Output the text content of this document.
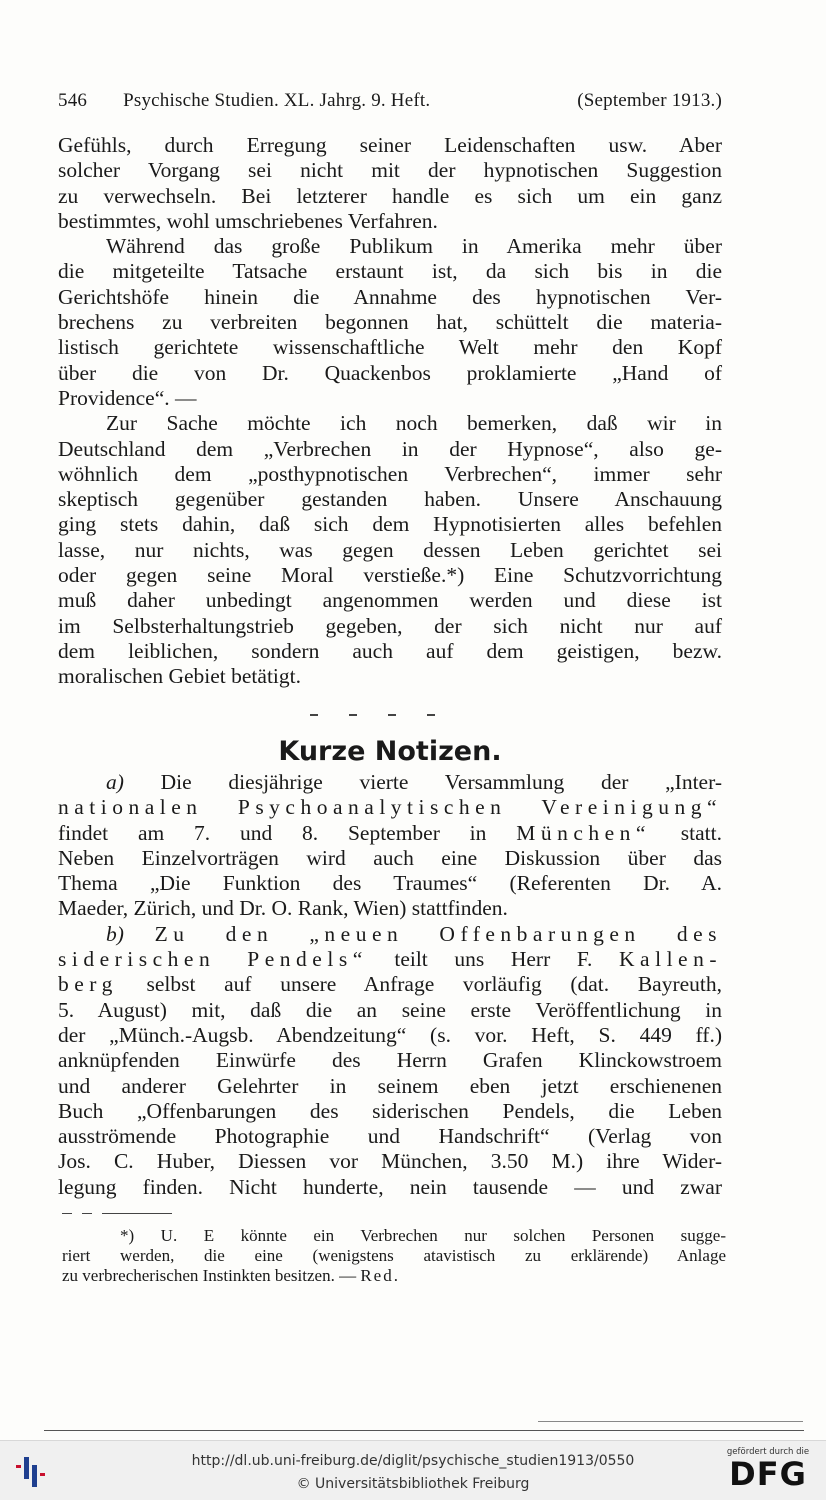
546	Psychische Studien. XL. Jahrg. 9. Heft.	(September 1913.)
Gefühls, durch Erregung seiner Leidenschaften usw. Aber
solcher Vorgang sei nicht mit der hypnotischen Suggestion
zu verwechseln. Bei letzterer handle es sich um ein ganz
bestimmtes, wohl umschriebenes Verfahren.
Während das große Publikum in Amerika mehr über
die mitgeteilte Tatsache erstaunt ist, da sich bis in die
Gerichtshöfe hinein die Annahme des hypnotischen Ver-
brechens zu verbreiten begonnen hat, schüttelt die materia-
listisch gerichtete wissenschaftliche Welt mehr den Kopf
über die von Dr. Quackenbos proklamierte „Hand of
Providence“. —
Zur Sache möchte ich noch bemerken, daß wir in
Deutschland dem „Verbrechen in der Hypnose“, also ge-
wöhnlich dem „posthypnotischen Verbrechen“, immer sehr
skeptisch gegenüber gestanden haben. Unsere Anschauung
ging stets dahin, daß sich dem Hypnotisierten alles befehlen
lasse, nur nichts, was gegen dessen Leben gerichtet sei
oder gegen seine Moral verstieße.*) Eine Schutzvorrichtung
muß daher unbedingt angenommen werden und diese ist
im Selbsterhaltungstrieb gegeben, der sich nicht nur auf
dem leiblichen, sondern auch auf dem geistigen, bezw.
moralischen Gebiet betätigt.
Kurze Notizen.
a) Die diesjährige vierte Versammlung der „Inter-
nationalen Psychoanalytischen Vereinigung“
findet am 7. und 8. September in München“ statt.
Neben Einzelvorträgen wird auch eine Diskussion über das
Thema „Die Funktion des Traumes“ (Referenten Dr. A.
Maeder, Zürich, und Dr. O. Rank, Wien) stattfinden.
b) Zu den „neuen Offenbarungen des
siderischen Pendels“ teilt uns Herr F. Kallen-
berg selbst auf unsere Anfrage vorläufig (dat. Bayreuth,
5. August) mit, daß die an seine erste Veröffentlichung in
der „Münch.-Augsb. Abendzeitung“ (s. vor. Heft, S. 449 ff.)
anknüpfenden Einwürfe des Herrn Grafen Klinckowstroem
und anderer Gelehrter in seinem eben jetzt erschienenen
Buch „Offenbarungen des siderischen Pendels, die Leben
ausströmende Photographie und Handschrift“ (Verlag von
Jos. C. Huber, Diessen vor München, 3.50 M.) ihre Wider-
legung finden. Nicht hunderte, nein tausende — und zwar
*) U. E könnte ein Verbrechen nur solchen Personen sugge-
riert werden, die eine (wenigstens atavistisch zu erklärende) Anlage
zu verbrecherischen Instinkten besitzen. — Red.
http://dl.ub.uni-freiburg.de/diglit/psychische_studien1913/0550
© Universitätsbibliothek Freiburg
gefördert durch die
DFG
